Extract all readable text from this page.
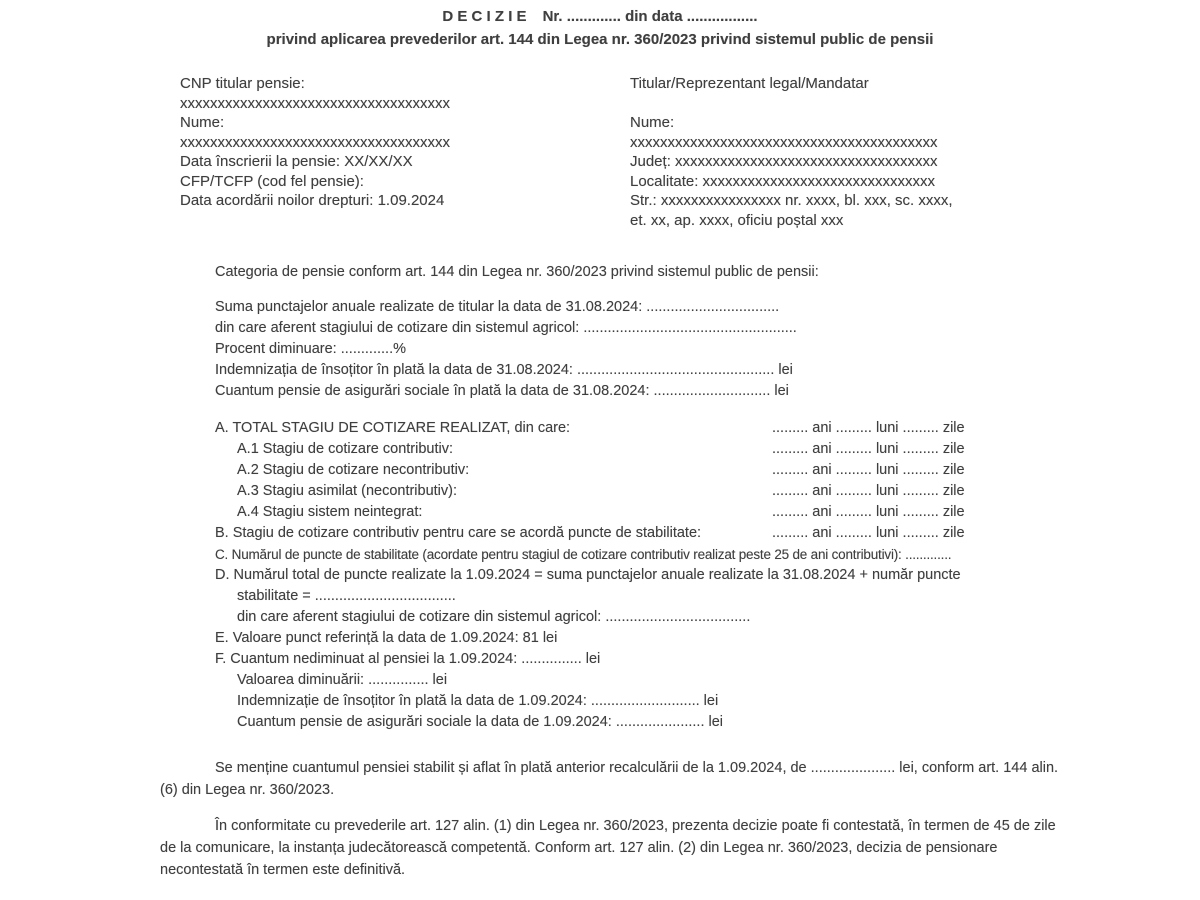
D E C I Z I E Nr. ............. din data .................
privind aplicarea prevederilor art. 144 din Legea nr. 360/2023 privind sistemul public de pensii
CNP titular pensie:
xxxxxxxxxxxxxxxxxxxxxxxxxxxxxxxxxxxx
Nume:
xxxxxxxxxxxxxxxxxxxxxxxxxxxxxxxxxxxx
Data înscrierii la pensie: XX/XX/XX
CFP/TCFP (cod fel pensie):
Data acordării noilor drepturi: 1.09.2024
Titular/Reprezentant legal/Mandatar
Nume:
xxxxxxxxxxxxxxxxxxxxxxxxxxxxxxxxxxxxxxxxx
Județ: xxxxxxxxxxxxxxxxxxxxxxxxxxxxxxxxxxx
Localitate: xxxxxxxxxxxxxxxxxxxxxxxxxxxxxxx
Str.: xxxxxxxxxxxxxxxx nr. xxxx, bl. xxx, sc. xxxx,
et. xx, ap. xxxx, oficiu poștal xxx
Categoria de pensie conform art. 144 din Legea nr. 360/2023 privind sistemul public de pensii:
Suma punctajelor anuale realizate de titular la data de 31.08.2024: .................................
din care aferent stagiului de cotizare din sistemul agricol: .....................................................
Procent diminuare: .............%
Indemnizația de însoțitor în plată la data de 31.08.2024: ................................................. lei
Cuantum pensie de asigurări sociale în plată la data de 31.08.2024: ............................. lei
A. TOTAL STAGIU DE COTIZARE REALIZAT, din care:	......... ani ......... luni ......... zile
A.1 Stagiu de cotizare contributiv:	......... ani ......... luni ......... zile
A.2 Stagiu de cotizare necontributiv:	......... ani ......... luni ......... zile
A.3 Stagiu asimilat (necontributiv):	......... ani ......... luni ......... zile
A.4 Stagiu sistem neintegrat:	......... ani ......... luni ......... zile
B. Stagiu de cotizare contributiv pentru care se acordă puncte de stabilitate:	......... ani ......... luni ......... zile
C. Numărul de puncte de stabilitate (acordate pentru stagiul de cotizare contributiv realizat peste 25 de ani contributivi): .............
D. Numărul total de puncte realizate la 1.09.2024 = suma punctajelor anuale realizate la 31.08.2024 + număr puncte
stabilitate = ...................................
din care aferent stagiului de cotizare din sistemul agricol: ....................................
E. Valoare punct referință la data de 1.09.2024: 81 lei
F. Cuantum nediminuat al pensiei la 1.09.2024: ............... lei
Valoarea diminuării: ............... lei
Indemnizație de însoțitor în plată la data de 1.09.2024: ........................... lei
Cuantum pensie de asigurări sociale la data de 1.09.2024: ...................... lei
Se menține cuantumul pensiei stabilit și aflat în plată anterior recalculării de la 1.09.2024, de ..................... lei, conform art. 144 alin. (6) din Legea nr. 360/2023.
În conformitate cu prevederile art. 127 alin. (1) din Legea nr. 360/2023, prezenta decizie poate fi contestată, în termen de 45 de zile de la comunicare, la instanța judecătorească competentă. Conform art. 127 alin. (2) din Legea nr. 360/2023, decizia de pensionare necontestată în termen este definitivă.
